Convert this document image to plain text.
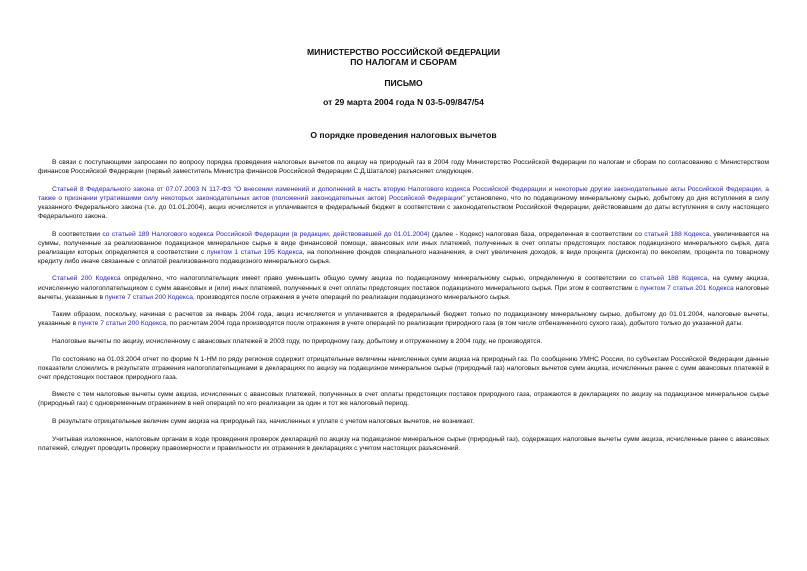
МИНИСТЕРСТВО РОССИЙСКОЙ ФЕДЕРАЦИИ
ПО НАЛОГАМ И СБОРАМ
ПИСЬМО
от 29 марта 2004 года N 03-5-09/847/54
О порядке проведения налоговых вычетов

В связи с поступающими запросами по вопросу порядка проведения налоговых вычетов по акцизу на природный газ в 2004 году Министерство Российской Федерации по налогам и сборам по согласованию с Министерством финансов Российской Федерации (первый заместитель Министра финансов Российской Федерации С.Д.Шаталов) разъясняет следующее.

Статьей 8 Федерального закона от 07.07.2003 N 117-ФЗ "О внесении изменений и дополнений в часть вторую Налогового кодекса Российской Федерации и некоторые другие законодательные акты Российской Федерации, а также о признании утратившими силу некоторых законодательных актов (положений законодательных актов) Российской Федерации" установлено, что по подакцизному минеральному сырью, добытому до дня вступления в силу указанного Федерального закона (т.е. до 01.01.2004), акциз исчисляется и уплачивается в федеральный бюджет в соответствии с законодательством Российской Федерации, действовавшим до даты вступления в силу настоящего Федерального закона.

В соответствии со статьей 189 Налогового кодекса Российской Федерации (в редакции, действовавшей до 01.01.2004) (далее - Кодекс) налоговая база, определенная в соответствии со статьей 188 Кодекса, увеличивается на суммы, полученные за реализованное подакцизное минеральное сырье в виде финансовой помощи, авансовых или иных платежей, полученных в счет оплаты предстоящих поставок подакцизного минерального сырья, дата реализации которых определяется в соответствии с пунктом 1 статьи 195 Кодекса, на пополнение фондов специального назначения, в счет увеличения доходов, в виде процента (дисконта) по векселям, процента по товарному кредиту либо иначе связанные с оплатой реализованного подакцизного минерального сырья.

Статьей 200 Кодекса определено, что налогоплательщик имеет право уменьшить общую сумму акциза по подакцизному минеральному сырью, определенную в соответствии со статьей 188 Кодекса, на сумму акциза, исчисленную налогоплательщиком с сумм авансовых и (или) иных платежей, полученных в счет оплаты предстоящих поставок подакцизного минерального сырья. При этом в соответствии с пунктом 7 статьи 201 Кодекса налоговые вычеты, указанные в пункте 7 статьи 200 Кодекса, производятся после отражения в учете операций по реализации подакцизного минерального сырья.

Таким образом, поскольку, начиная с расчетов за январь 2004 года, акциз исчисляется и уплачивается в федеральный бюджет только по подакцизному минеральному сырью, добытому до 01.01.2004, налоговые вычеты, указанные в пункте 7 статьи 200 Кодекса, по расчетам 2004 года производятся после отражения в учете операций по реализации природного газа (в том числе отбензиненного сухого газа), добытого только до указанной даты.

Налоговые вычеты по акцизу, исчисленному с авансовых платежей в 2003 году, по природному газу, добытому и отгруженному в 2004 году, не производятся.

По состоянию на 01.03.2004 отчет по форме N 1-НМ по ряду регионов содержит отрицательные величины начисленных сумм акциза на природный газ. По сообщению УМНС России, по субъектам Российской Федерации данные показатели сложились в результате отражения налогоплательщиками в декларациях по акцизу на подакцизное минеральное сырье (природный газ) налоговых вычетов сумм акциза, исчисленных ранее с сумм авансовых платежей в счет предстоящих поставок природного газа.

Вместе с тем налоговые вычеты сумм акциза, исчисленных с авансовых платежей, полученных в счет оплаты предстоящих поставок природного газа, отражаются в декларациях по акцизу на подакцизное минеральное сырье (природный газ) с одновременным отражением в ней операций по его реализации за один и тот же налоговый период.

В результате отрицательные величин сумм акциза на природный газ, начисленных к уплате с учетом налоговых вычетов, не возникает.

Учитывая изложенное, налоговым органам в ходе проведения проверок деклараций по акцизу на подакцизное минеральное сырье (природный газ), содержащих налоговые вычеты сумм акциза, исчисленные ранее с авансовых платежей, следует проводить проверку правомерности и правильности их отражения в декларациях с учетом настоящих разъяснений.
